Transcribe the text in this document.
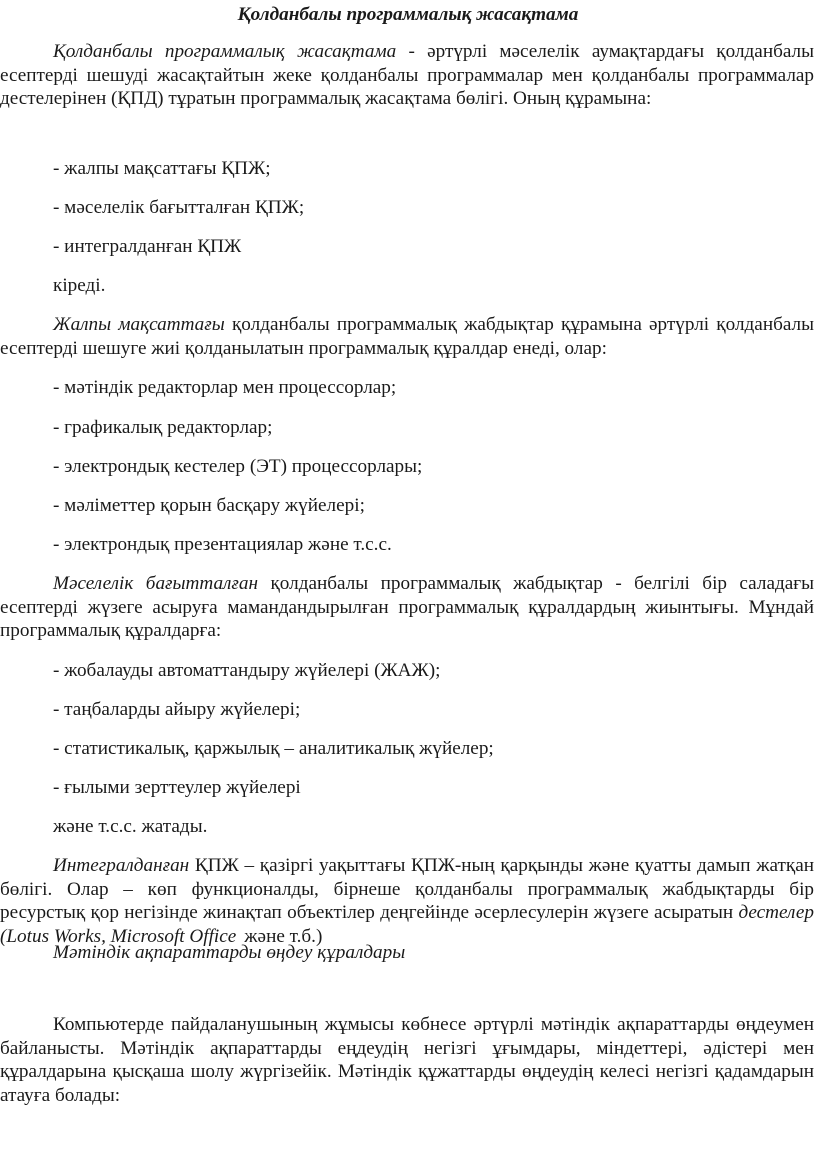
Қолданбалы программалық жасақтама

Қолданбалы программалық жасақтама - әртүрлі мәселелік аумақтардағы қолданбалы есептерді шешуді жасақтайтын жеке қолданбалы программалар мен қолданбалы программалар дестелерінен (ҚПД) тұратын программалық жасақтама бөлігі. Оның құрамына:

- жалпы мақсаттағы ҚПЖ;

- мәселелік бағытталған ҚПЖ;

- интегралданған ҚПЖ

кіреді.

Жалпы мақсаттағы қолданбалы программалық жабдықтар құрамына әртүрлі қолданбалы есептерді шешуге жиі қолданылатын программалық құралдар енеді, олар:

- мәтіндік редакторлар мен процессорлар;

- графикалық редакторлар;

- электрондық кестелер (ЭТ) процессорлары;

- мәліметтер қорын басқару жүйелері;

- электрондық презентациялар және т.с.с.

Мәселелік бағытталған қолданбалы программалық жабдықтар - белгілі бір саладағы есептерді жүзеге асыруға мамандандырылған программалық құралдардың жиынтығы. Мұндай программалық құралдарға:

- жобалауды автоматтандыру жүйелері (ЖАЖ);

- таңбаларды айыру жүйелері;

- статистикалық, қаржылық – аналитикалық жүйелер;

- ғылыми зерттеулер жүйелері

және т.с.с. жатады.

Интегралданған ҚПЖ – қазіргі уақыттағы ҚПЖ-ның қарқынды және қуатты дамып жатқан бөлігі. Олар – көп функционалды, бірнеше қолданбалы программалық жабдықтарды бір ресурстық қор негізінде жинақтап объектілер деңгейінде әсерлесулерін жүзеге асыратын дестелер (Lotus Works, Microsoft Office және т.б.)

Мәтіндік ақпараттарды өңдеу құралдары

Компьютерде пайдаланушының жұмысы көбнесе әртүрлі мәтіндік ақпараттарды өңдеумен байланысты. Мәтіндік ақпараттарды еңдеудің негізгі ұғымдары, міндеттері, әдістері мен құралдарына қысқаша шолу жүргізейік. Мәтіндік құжаттарды өңдеудің келесі негізгі қадамдарын атауға болады:
